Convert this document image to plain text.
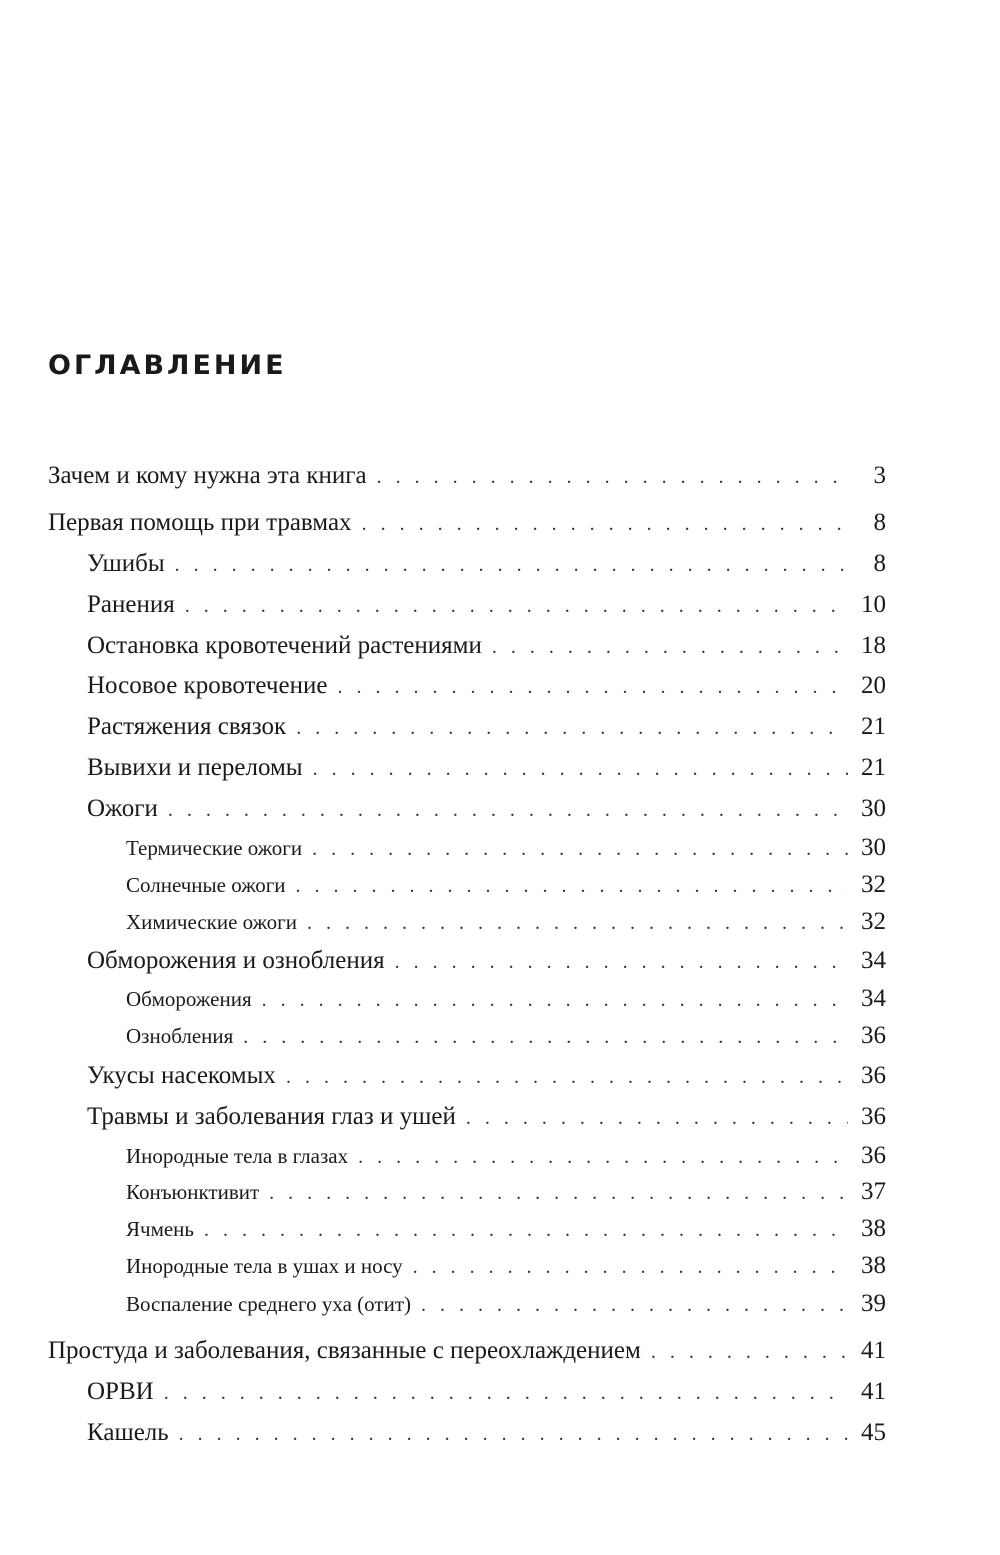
ОГЛАВЛЕНИЕ
Зачем и кому нужна эта книга . . .	3
Первая помощь при травмах . . .	8
Ушибы . . .	8
Ранения . . .	10
Остановка кровотечений растениями . . .	18
Носовое кровотечение . . .	20
Растяжения связок . . .	21
Вывихи и переломы . . .	21
Ожоги . . .	30
Термические ожоги . . .	30
Солнечные ожоги . . .	32
Химические ожоги . . .	32
Обморожения и ознобления . . .	34
Обморожения . . .	34
Ознобления . . .	36
Укусы насекомых . . .	36
Травмы и заболевания глаз и ушей . . .	36
Инородные тела в глазах . . .	36
Конъюнктивит . . .	37
Ячмень . . .	38
Инородные тела в ушах и носу . . .	38
Воспаление среднего уха (отит) . . .	39
Простуда и заболевания, связанные с переохлаждением . . .	41
ОРВИ . . .	41
Кашель . . .	45
